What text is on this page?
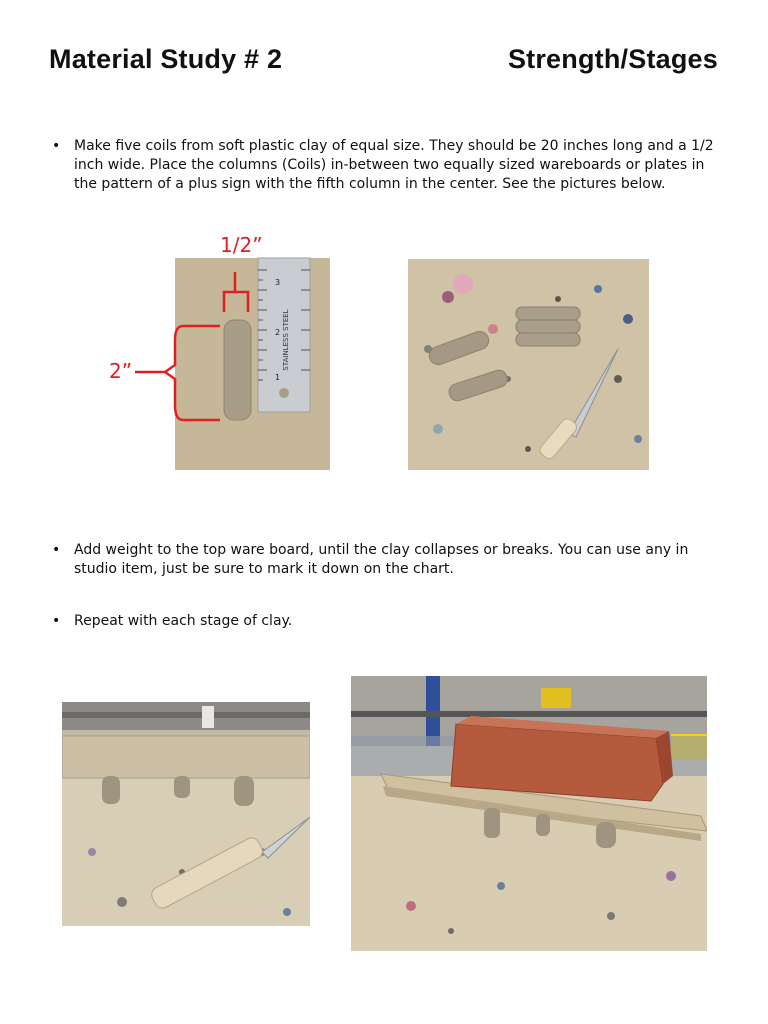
Material Study # 2	Strength/Stages
• Make five coils from soft plastic clay of equal size. They should be 20 inches long and a 1/2 inch wide. Place the columns (Coils) in-between two equally sized wareboards or plates in the pattern of a plus sign with the fifth column in the center. See the pictures below.
STAINLESS STEEL
3
2
1
1/2”
2”
• Add weight to the top ware board, until the clay collapses or breaks. You can use any in studio item, just be sure to mark it down on the chart.
• Repeat with each stage of clay.
